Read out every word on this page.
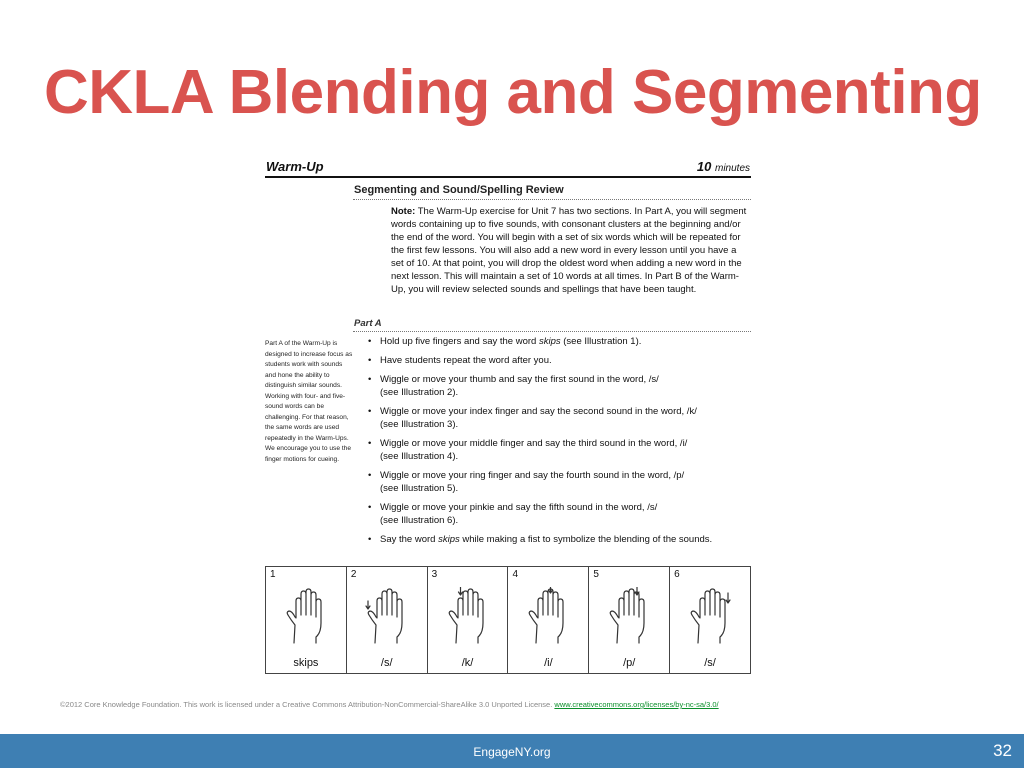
CKLA Blending and Segmenting
Warm-Up	10 minutes
Segmenting and Sound/Spelling Review

Note: The Warm-Up exercise for Unit 7 has two sections. In Part A, you will segment words containing up to five sounds, with consonant clusters at the beginning and/or the end of the word. You will begin with a set of six words which will be repeated for the first few lessons. You will also add a new word in every lesson until you have a set of 10. At that point, you will drop the oldest word when adding a new word in the next lesson. This will maintain a set of 10 words at all times. In Part B of the Warm-Up, you will review selected sounds and spellings that have been taught.

Part A

Part A of the Warm-Up is designed to increase focus as students work with sounds and hone the ability to distinguish similar sounds. Working with four- and five-sound words can be challenging. For that reason, the same words are used repeatedly in the Warm-Ups. We encourage you to use the finger motions for cueing.

• Hold up five fingers and say the word skips (see Illustration 1).
• Have students repeat the word after you.
• Wiggle or move your thumb and say the first sound in the word, /s/
(see Illustration 2).
• Wiggle or move your index finger and say the second sound in the word, /k/
(see Illustration 3).
• Wiggle or move your middle finger and say the third sound in the word, /i/
(see Illustration 4).
• Wiggle or move your ring finger and say the fourth sound in the word, /p/
(see Illustration 5).
• Wiggle or move your pinkie and say the fifth sound in the word, /s/
(see Illustration 6).
• Say the word skips while making a fist to symbolize the blending of the sounds.
1
skips
2
/s/
3
/k/
4
/i/
5
/p/
6
/s/
©2012 Core Knowledge Foundation. This work is licensed under a Creative Commons Attribution-NonCommercial-ShareAlike 3.0 Unported License. www.creativecommons.org/licenses/by-nc-sa/3.0/
EngageNY.org	32
